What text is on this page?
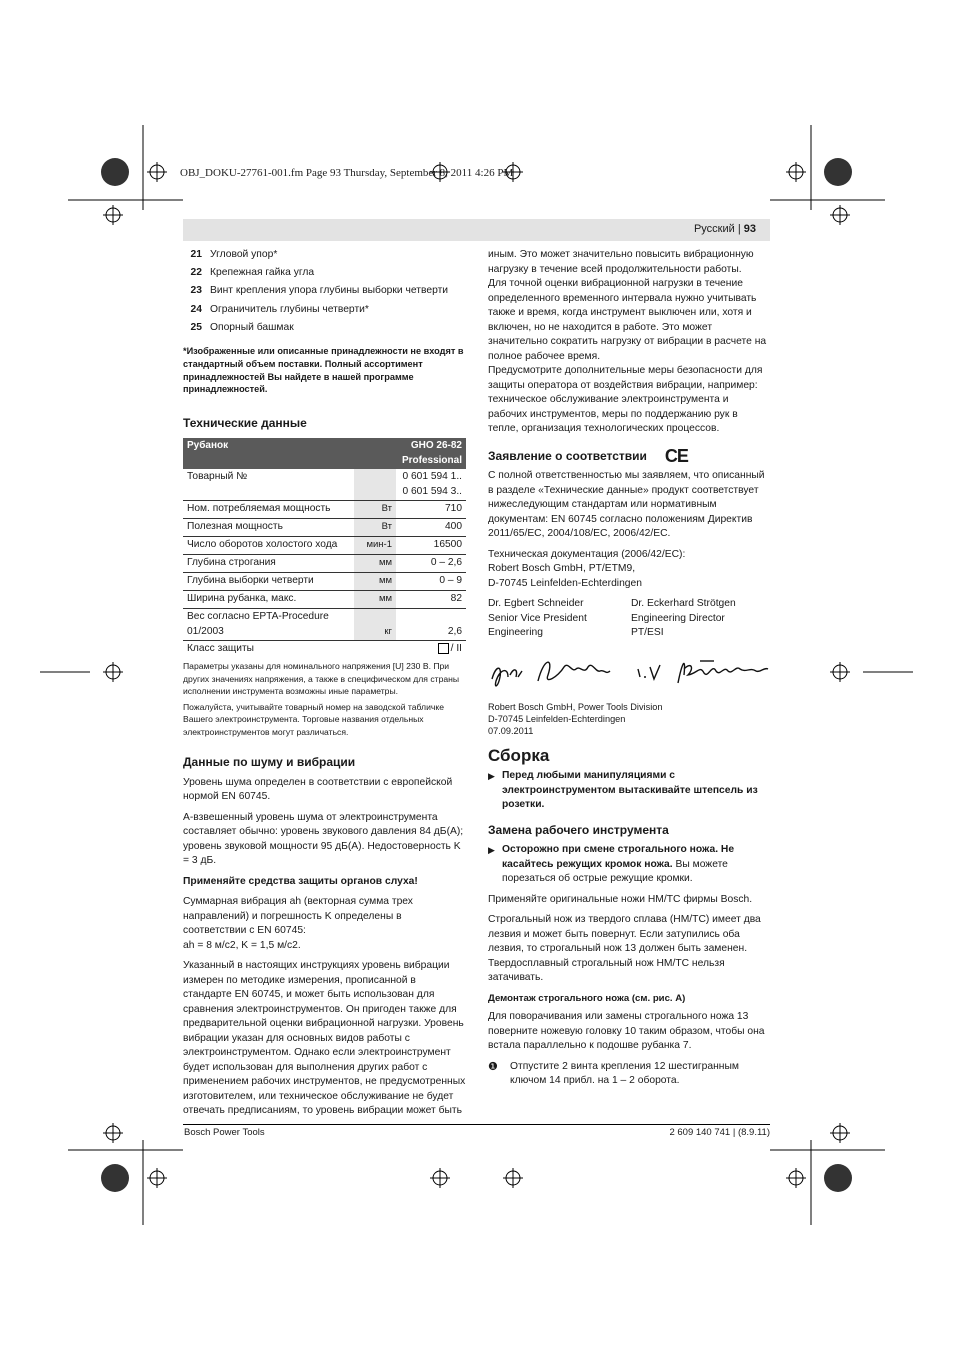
OBJ_DOKU-27761-001.fm Page 93 Thursday, September 8, 2011 4:26 PM
Русский | 93
21 Угловой упор*
22 Крепежная гайка угла
23 Винт крепления упора глубины выборки четверти
24 Ограничитель глубины четверти*
25 Опорный башмак
*Изображенные или описанные принадлежности не входят в стандартный объем поставки. Полный ассортимент принадлежностей Вы найдете в нашей программе принадлежностей.
Технические данные
Рубанок		GHO 26-82
Professional

Товарный №		0 601 594 1..
0 601 594 3..
Ном. потребляемая мощность	Вт	710
Полезная мощность	Вт	400
Число оборотов холостого хода	мин-1	16500
Глубина строгания	мм	0 – 2,6
Глубина выборки четверти	мм	0 – 9
Ширина рубанка, макс.	мм	82
Вес согласно EPTA-Procedure 01/2003	кг	2,6
Класс защиты		/ II
Параметры указаны для номинального напряжения [U] 230 В. При других значениях напряжения, а также в специфическом для страны исполнении инструмента возможны иные параметры.
Пожалуйста, учитывайте товарный номер на заводской табличке Вашего электроинструмента. Торговые названия отдельных электроинструментов могут различаться.
Данные по шуму и вибрации
Уровень шума определен в соответствии с европейской нормой EN 60745.
А-взвешенный уровень шума от электроинструмента составляет обычно: уровень звукового давления 84 дБ(A); уровень звуковой мощности 95 дБ(A). Недостоверность K = 3 дБ.
Применяйте средства защиты органов слуха!
Суммарная вибрация ah (векторная сумма трех направлений) и погрешность K определены в соответствии с EN 60745:
ah = 8 м/с2, K = 1,5 м/с2.
Указанный в настоящих инструкциях уровень вибрации измерен по методике измерения, прописанной в стандарте EN 60745, и может быть использован для сравнения электроинструментов. Он пригоден также для предварительной оценки вибрационной нагрузки. Уровень вибрации указан для основных видов работы с электроинструментом. Однако если электроинструмент будет использован для выполнения других работ с применением рабочих инструментов, не предусмотренных изготовителем, или техническое обслуживание не будет отвечать предписаниям, то уровень вибрации может быть
иным. Это может значительно повысить вибрационную нагрузку в течение всей продолжительности работы.
Для точной оценки вибрационной нагрузки в течение определенного временного интервала нужно учитывать также и время, когда инструмент выключен или, хотя и включен, но не находится в работе. Это может значительно сократить нагрузку от вибрации в расчете на полное рабочее время.
Предусмотрите дополнительные меры безопасности для защиты оператора от воздействия вибрации, например: техническое обслуживание электроинструмента и рабочих инструментов, меры по поддержанию рук в тепле, организация технологических процессов.
Заявление о соответствии CE
С полной ответственностью мы заявляем, что описанный в разделе «Технические данные» продукт соответствует нижеследующим стандартам или нормативным документам: EN 60745 согласно положениям Директив 2011/65/EC, 2004/108/EC, 2006/42/EC.
Техническая документация (2006/42/EC):
Robert Bosch GmbH, PT/ETM9,
D-70745 Leinfelden-Echterdingen
Dr. Egbert Schneider
Senior Vice President
Engineering
Dr. Eckerhard Strötgen
Engineering Director
PT/ESI
Robert Bosch GmbH, Power Tools Division
D-70745 Leinfelden-Echterdingen
07.09.2011
Сборка
▶ Перед любыми манипуляциями с электроинструментом вытаскивайте штепсель из розетки.
Замена рабочего инструмента
▶ Осторожно при смене строгального ножа. Не касайтесь режущих кромок ножа. Вы можете порезаться об острые режущие кромки.
Применяйте оригинальные ножи HM/TC фирмы Bosch.
Строгальный нож из твердого сплава (HM/TC) имеет два лезвия и может быть повернут. Если затупились оба лезвия, то строгальный нож 13 должен быть заменен. Твердосплавный строгальный нож HM/TC нельзя затачивать.
Демонтаж строгального ножа (см. рис. A)
Для поворачивания или замены строгального ножа 13 поверните ножевую головку 10 таким образом, чтобы она встала параллельно к подошве рубанка 7.
❶	Отпустите 2 винта крепления 12 шестигранным ключом 14 прибл. на 1 – 2 оборота.
Bosch Power Tools	2 609 140 741 | (8.9.11)
